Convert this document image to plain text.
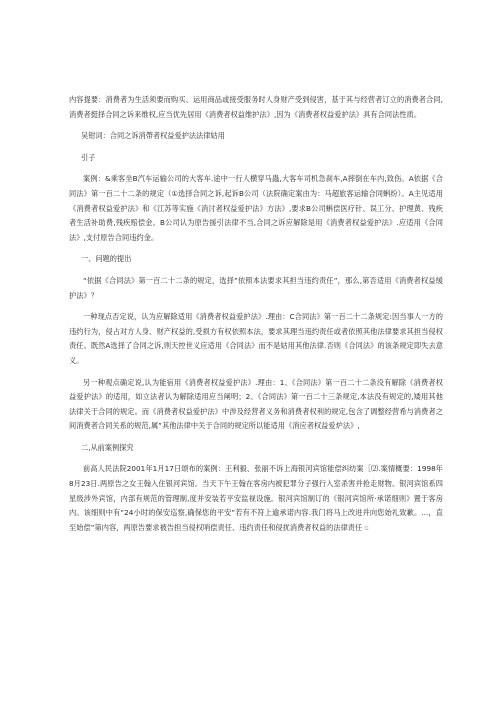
内容提要：消费者为生活须要而购买、运用商品或接受服务时人身财产受到侵害，基于其与经营者订立的消费者合同,消费者挺择合同之诉来维权,应当优先居用《消费者权益维护法》,因为《消费者权益爱护法》具有合同法性质。

吴钳词：合同之诉消帶者权益爱护法法律姑用

引子

案例：&乘客坐B汽车运输公司的大客车.途中一行人横穿马蟲,大客车司机急刹车,A摔倒在车内,致伤。A依据《合同法》第一百二十二条的规定（①选择合同之诉,起诉B公司（法院确定案由为：马超旅客运输合同蝌纷）。A主见适用《消费者权益爱护法》和《江苏等实施《消讨者权益爱护法》方法》,要求B公司蝌偿医疗针、误工分、护理黄、残疾者生活补助费,残疾赔偿金。B公司认为原告援引法律不当,合同之诉应解除是用《消费者权益爱护法》.应适用《合同法》,支付原告合同违约金。

一、问题的提出

“依据《合同法》第一百二十二条的规定，选择”依照本法要求其担当违约责任”，那么,第否适用《消费者权益缓护法》？

一种现点否定说，认为应解除适用《消费者权益爱护法》.理由：C合同法》第一百二十二条规定:因当事人一方的违约行为，侵占对方人身、财产权益的,受损方有权依照本法，要求其理当违约责任或者依照其他法律要求其担当侵权责任。既然A选择了合同之诉,则天控世义应适用《合同法》而不是姑用其他法律.否则《合同法》的该条规定即失去意义。

另一种观点确定说,认为能宿用《消费者权益爱护法》.理由：1、《合同法》第一百二十二条没有解除《消费者权益爱护法》的适用，如立法者认为解除适用应当阐明；2、《合同法》第一百二十三条规定,本法没有规定的,矮用其他法律关于合同的规定。而《消费者权益爱护法》中涉及经营者义务和消费者权利的规定,包含了调整经营希与消费者之间消费者合同关系的规范,属”其他法律中关于合同的规定所以能适用《消应者权益爱炉法》,

二,从前案例探究

前高人民法院2001年1月17日颂布的案例：王利毅、张丽不诉上海银河宾馆能偿纠纺案［⑵.案情概要：1998年8月23日.两原告之女王翰入住银河宾馆。当天下午王翰在客房内被犯罪分子强行入室杀害并抢走财物。银河宾馆系四星级涉外宾馆，内部有规范的管理制,度并安装若平安监视设施。银河宾馆制订的《银河宾馆所·承诺细则》置于客房内。该细则中有”24小时的保安巡察,确保您的平安”若有不符上逾承诺内容.我门将马上改进并向您始礼致歉。...，直至始偿”第内容，两原告要求被告担当侵权哨偿责任、违约责任和侵扰消费者权益的法律责任 ⍉
